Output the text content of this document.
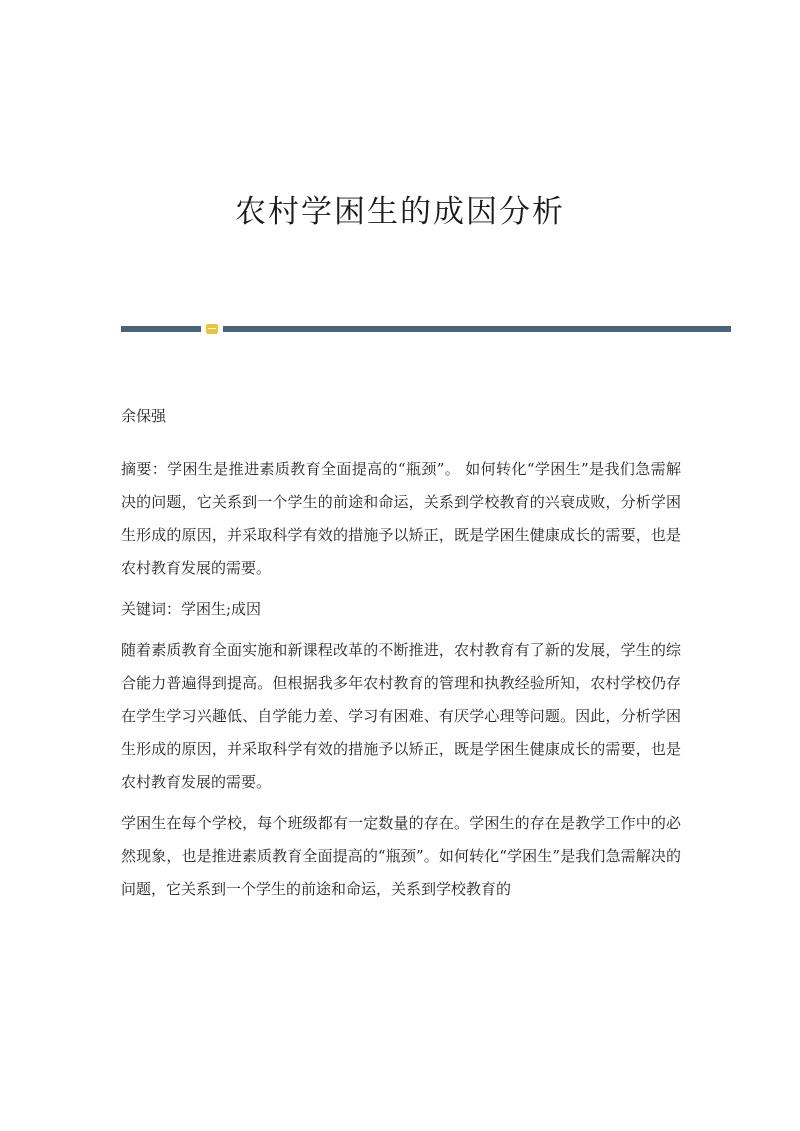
农村学困生的成因分析

余保强

摘要：学困生是推进素质教育全面提高的“瓶颈”。 如何转化“学困生”是我们急需解决的问题，它关系到一个学生的前途和命运，关系到学校教育的兴衰成败，分析学困生形成的原因，并采取科学有效的措施予以矫正，既是学困生健康成长的需要，也是农村教育发展的需要。

关键词：学困生;成因

随着素质教育全面实施和新课程改革的不断推进，农村教育有了新的发展，学生的综合能力普遍得到提高。但根据我多年农村教育的管理和执教经验所知，农村学校仍存在学生学习兴趣低、自学能力差、学习有困难、有厌学心理等问题。因此，分析学困生形成的原因，并采取科学有效的措施予以矫正，既是学困生健康成长的需要，也是农村教育发展的需要。

学困生在每个学校，每个班级都有一定数量的存在。学困生的存在是教学工作中的必然现象，也是推进素质教育全面提高的“瓶颈”。如何转化“学困生”是我们急需解决的问题，它关系到一个学生的前途和命运，关系到学校教育的
